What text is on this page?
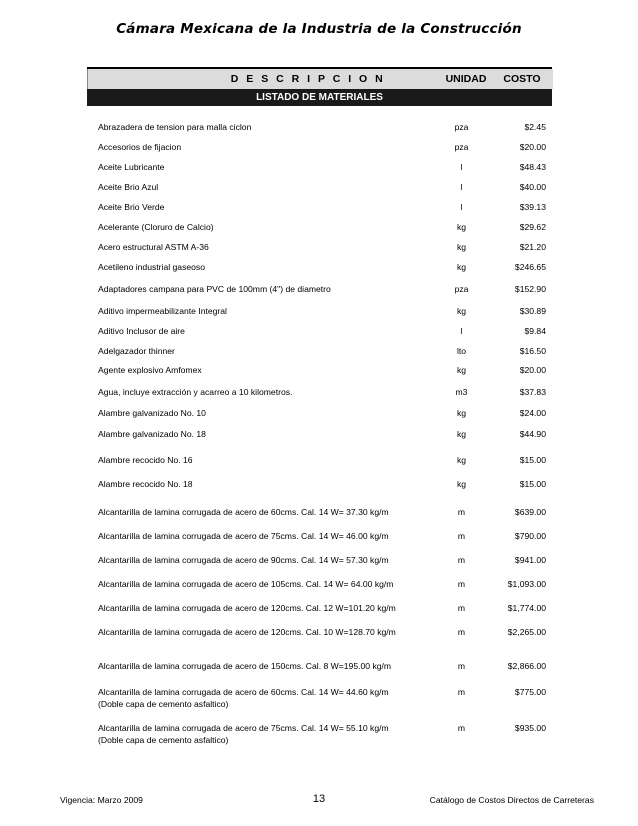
Cámara Mexicana de la Industria de la Construcción
D E S C R I P C I O N	UNIDAD	COSTO
LISTADO DE MATERIALES
Abrazadera de tension para malla ciclon	pza	$2.45
Accesorios de fijacion	pza	$20.00
Aceite Lubricante	l	$48.43
Aceite Brio Azul	l	$40.00
Aceite Brio Verde	l	$39.13
Acelerante (Cloruro de Calcio)	kg	$29.62
Acero estructural ASTM A-36	kg	$21.20
Acetileno industrial gaseoso	kg	$246.65
Adaptadores campana para PVC de 100mm (4") de diametro	pza	$152.90
Aditivo impermeabilizante Integral	kg	$30.89
Aditivo Inclusor de aire	l	$9.84
Adelgazador thinner	lto	$16.50
Agente explosivo Amfomex	kg	$20.00
Agua, incluye extracción y acarreo a 10 kilometros.	m3	$37.83
Alambre galvanizado No. 10	kg	$24.00
Alambre galvanizado No. 18	kg	$44.90
Alambre recocido No. 16	kg	$15.00
Alambre recocido No. 18	kg	$15.00
Alcantarilla de lamina corrugada de acero de 60cms. Cal. 14 W= 37.30 kg/m	m	$639.00
Alcantarilla de lamina corrugada de acero de 75cms. Cal. 14 W= 46.00 kg/m	m	$790.00
Alcantarilla de lamina corrugada de acero de 90cms. Cal. 14 W= 57.30 kg/m	m	$941.00
Alcantarilla de lamina corrugada de acero de 105cms. Cal. 14 W= 64.00 kg/m	m	$1,093.00
Alcantarilla de lamina corrugada de acero de 120cms. Cal. 12 W=101.20 kg/m	m	$1,774.00
Alcantarilla de lamina corrugada de acero de 120cms. Cal. 10 W=128.70 kg/m	m	$2,265.00
Alcantarilla de lamina corrugada de acero de 150cms. Cal. 8 W=195.00 kg/m	m	$2,866.00
Alcantarilla de lamina corrugada de acero de 60cms. Cal. 14 W= 44.60 kg/m
(Doble capa de cemento asfaltico)
m	$775.00
Alcantarilla de lamina corrugada de acero de 75cms. Cal. 14 W= 55.10 kg/m
(Doble capa de cemento asfaltico)
m	$935.00
Vigencia: Marzo 2009	13	Catálogo de Costos Directos de Carreteras
